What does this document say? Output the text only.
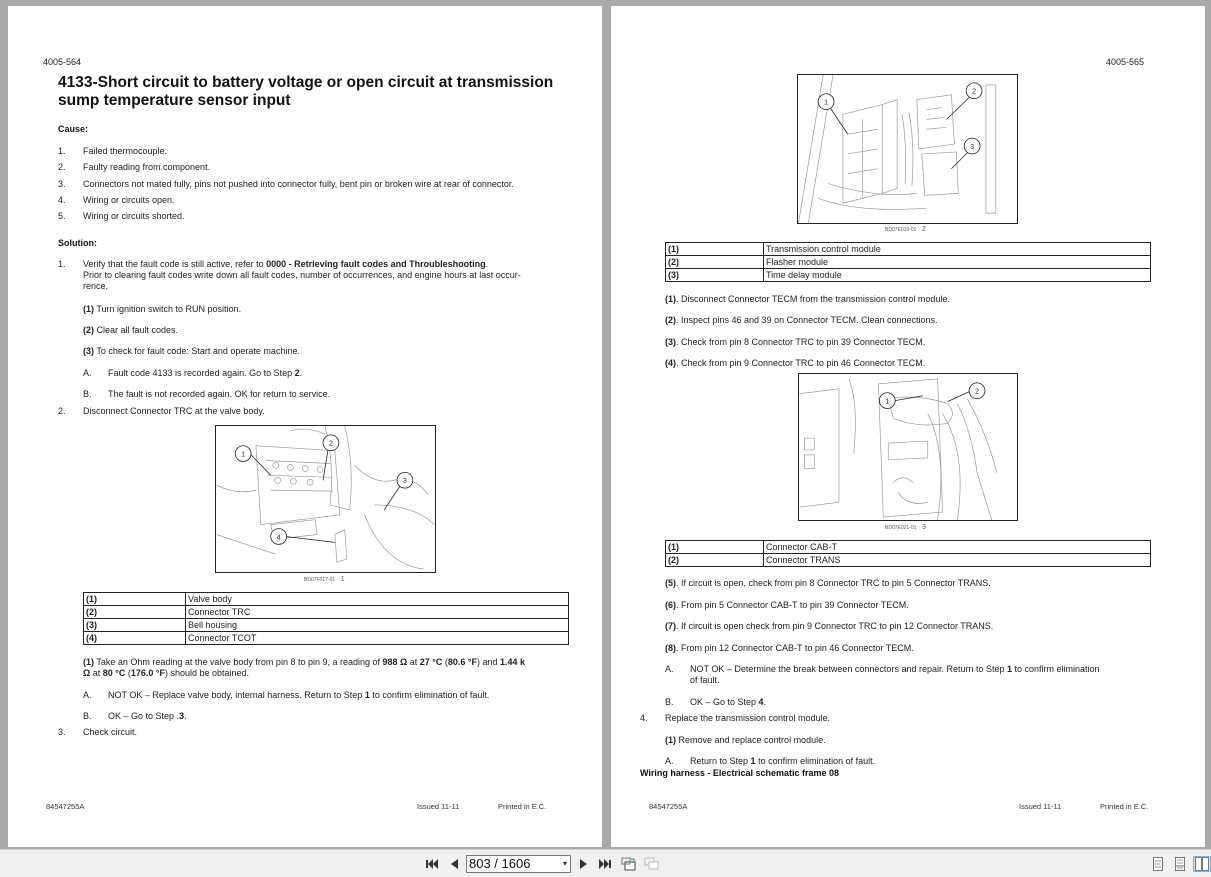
4005-564
4133-Short circuit to battery voltage or open circuit at transmission
sump temperature sensor input
Cause:
1. Failed thermocouple.
2. Faulty reading from component.
3. Connectors not mated fully, pins not pushed into connector fully, bent pin or broken wire at rear of connector.
4. Wiring or circuits open.
5. Wiring or circuits shorted.
Solution:
1. Verify that the fault code is still active, refer to 0000 - Retrieving fault codes and Throubleshooting.
Prior to clearing fault codes write down all fault codes, number of occurrences, and engine hours at last occur-
rence.
(1) Turn ignition switch to RUN position.
(2) Clear all fault codes.
(3) To check for fault code: Start and operate machine.
A. Fault code 4133 is recorded again. Go to Step 2.
B. The fault is not recorded again. OK for return to service.
2. Disconnect Connector TRC at the valve body.
1
2
3
4
BD07F017-01 1
(1)	Valve body
(2)	Connector TRC
(3)	Bell housing
(4)	Connector TCOT
(1) Take an Ohm reading at the valve body from pin 8 to pin 9, a reading of 988 Ω at 27 °C (80.6 °F) and 1.44 k
Ω at 80 °C (176.0 °F) should be obtained.
A. NOT OK – Replace valve body, internal harness. Return to Step 1 to confirm elimination of fault.
B. OK – Go to Step .3.
3. Check circuit.
84547255A	Issued 11-11	Printed in E.C.
4005-565
1
2
3
BD07E019-01 2
(1)	Transmission control module
(2)	Flasher module
(3)	Time delay module
(1). Disconnect Connector TECM from the transmission control module.
(2). Inspect pins 46 and 39 on Connector TECM. Clean connections.
(3). Check from pin 8 Connector TRC to pin 39 Connector TECM.
(4). Check from pin 9 Connector TRC to pin 46 Connector TECM.
1
2
BD07E021-01 3
(1)	Connector CAB-T
(2)	Connector TRANS
(5). If circuit is open, check from pin 8 Connector TRC to pin 5 Connector TRANS.
(6). From pin 5 Connector CAB-T to pin 39 Connector TECM.
(7). If circuit is open check from pin 9 Connector TRC to pin 12 Connector TRANS.
(8). From pin 12 Connector CAB-T to pin 46 Connector TECM.
A. NOT OK – Determine the break between connectors and repair. Return to Step 1 to confirm elimination
of fault.
B. OK – Go to Step 4.
4. Replace the transmission control module.
(1) Remove and replace control module.
A. Return to Step 1 to confirm elimination of fault.
Wiring harness - Electrical schematic frame 08
84547255A	Issued 11-11	Printed in E.C.
803 / 1606	▾
